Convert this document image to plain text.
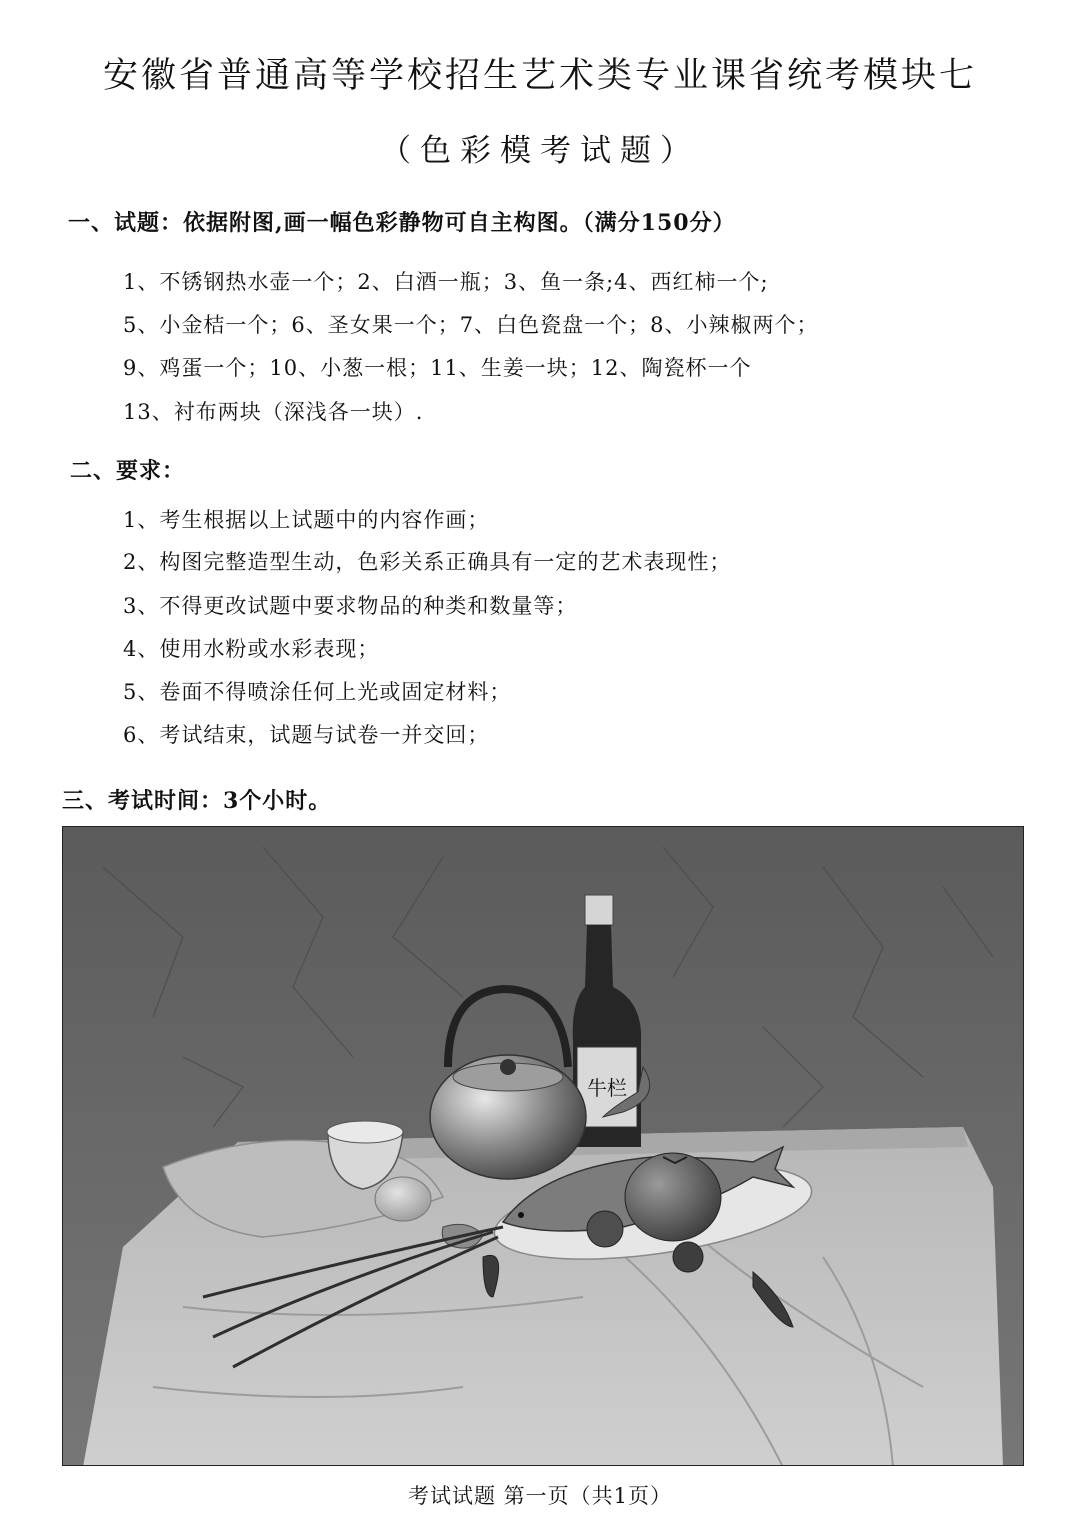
安徽省普通高等学校招生艺术类专业课省统考模块七
（色彩模考试题）
一、试题：依据附图,画一幅色彩静物可自主构图。（满分150分）
1、不锈钢热水壶一个；2、白酒一瓶；3、鱼一条;4、西红柿一个;
5、小金桔一个；6、圣女果一个；7、白色瓷盘一个；8、小辣椒两个；
9、鸡蛋一个；10、小葱一根；11、生姜一块；12、陶瓷杯一个
13、衬布两块（深浅各一块）.
二、要求：
1、考生根据以上试题中的内容作画；
2、构图完整造型生动，色彩关系正确具有一定的艺术表现性；
3、不得更改试题中要求物品的种类和数量等；
4、使用水粉或水彩表现；
5、卷面不得喷涂任何上光或固定材料；
6、考试结束，试题与试卷一并交回；
三、考试时间：3个小时。
牛栏
考试试题 第一页（共1页）
